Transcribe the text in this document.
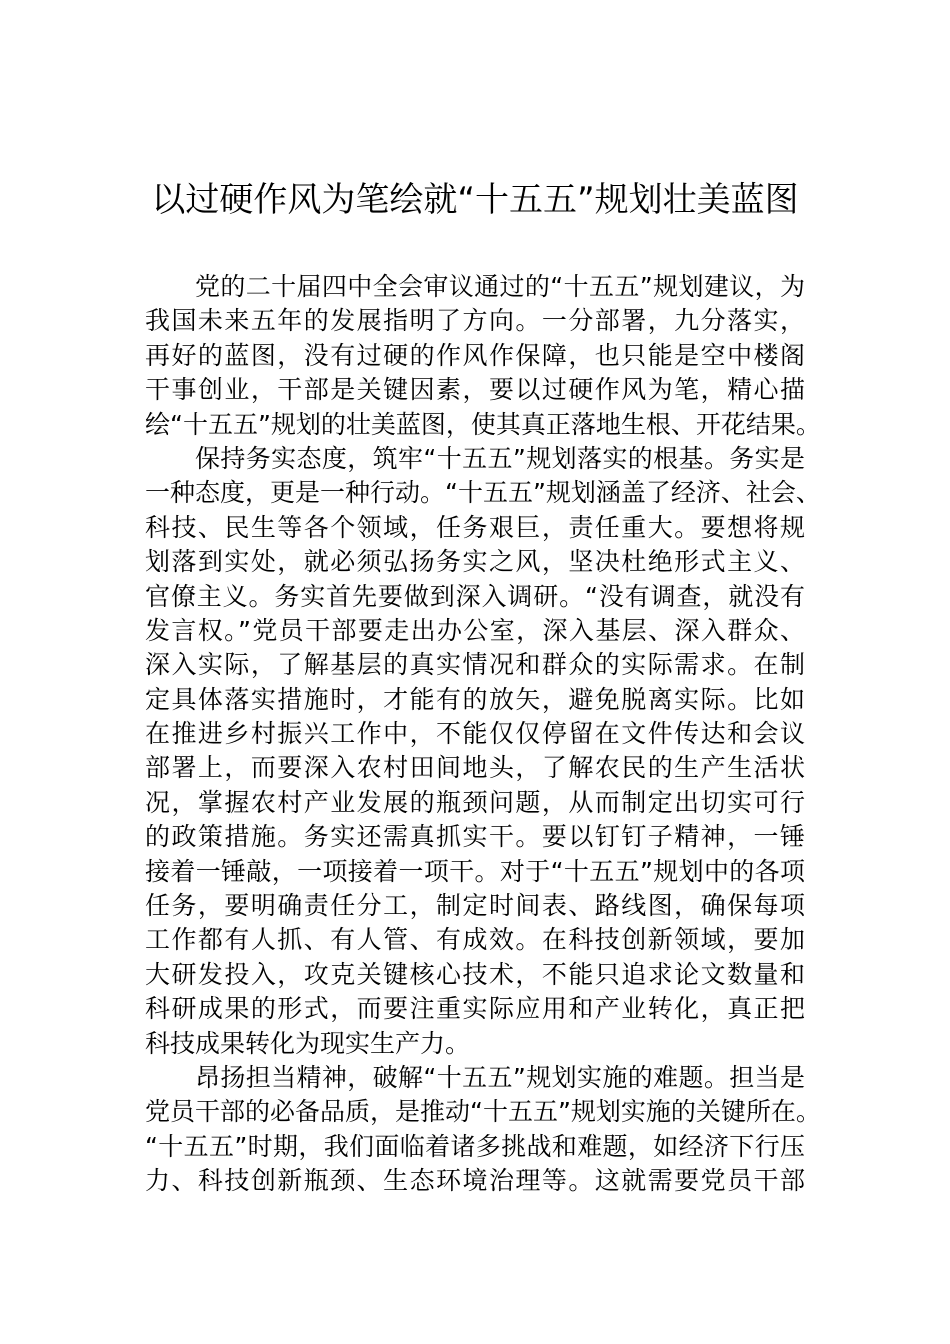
以过硬作风为笔绘就“十五五”规划壮美蓝图
党的二十届四中全会审议通过的“十五五”规划建议，为
我国未来五年的发展指明了方向。一分部署，九分落实，
再好的蓝图，没有过硬的作风作保障，也只能是空中楼阁
干事创业，干部是关键因素，要以过硬作风为笔，精心描
绘“十五五”规划的壮美蓝图，使其真正落地生根、开花结果。
保持务实态度，筑牢“十五五”规划落实的根基。务实是
一种态度，更是一种行动。“十五五”规划涵盖了经济、社会、
科技、民生等各个领域，任务艰巨，责任重大。要想将规
划落到实处，就必须弘扬务实之风，坚决杜绝形式主义、
官僚主义。务实首先要做到深入调研。“没有调查，就没有
发言权。”党员干部要走出办公室，深入基层、深入群众、
深入实际，了解基层的真实情况和群众的实际需求。在制
定具体落实措施时，才能有的放矢，避免脱离实际。比如
在推进乡村振兴工作中，不能仅仅停留在文件传达和会议
部署上，而要深入农村田间地头，了解农民的生产生活状
况，掌握农村产业发展的瓶颈问题，从而制定出切实可行
的政策措施。务实还需真抓实干。要以钉钉子精神，一锤
接着一锤敲，一项接着一项干。对于“十五五”规划中的各项
任务，要明确责任分工，制定时间表、路线图，确保每项
工作都有人抓、有人管、有成效。在科技创新领域，要加
大研发投入，攻克关键核心技术，不能只追求论文数量和
科研成果的形式，而要注重实际应用和产业转化，真正把
科技成果转化为现实生产力。
昂扬担当精神，破解“十五五”规划实施的难题。担当是
党员干部的必备品质，是推动“十五五”规划实施的关键所在。
“十五五”时期，我们面临着诸多挑战和难题，如经济下行压
力、科技创新瓶颈、生态环境治理等。这就需要党员干部
